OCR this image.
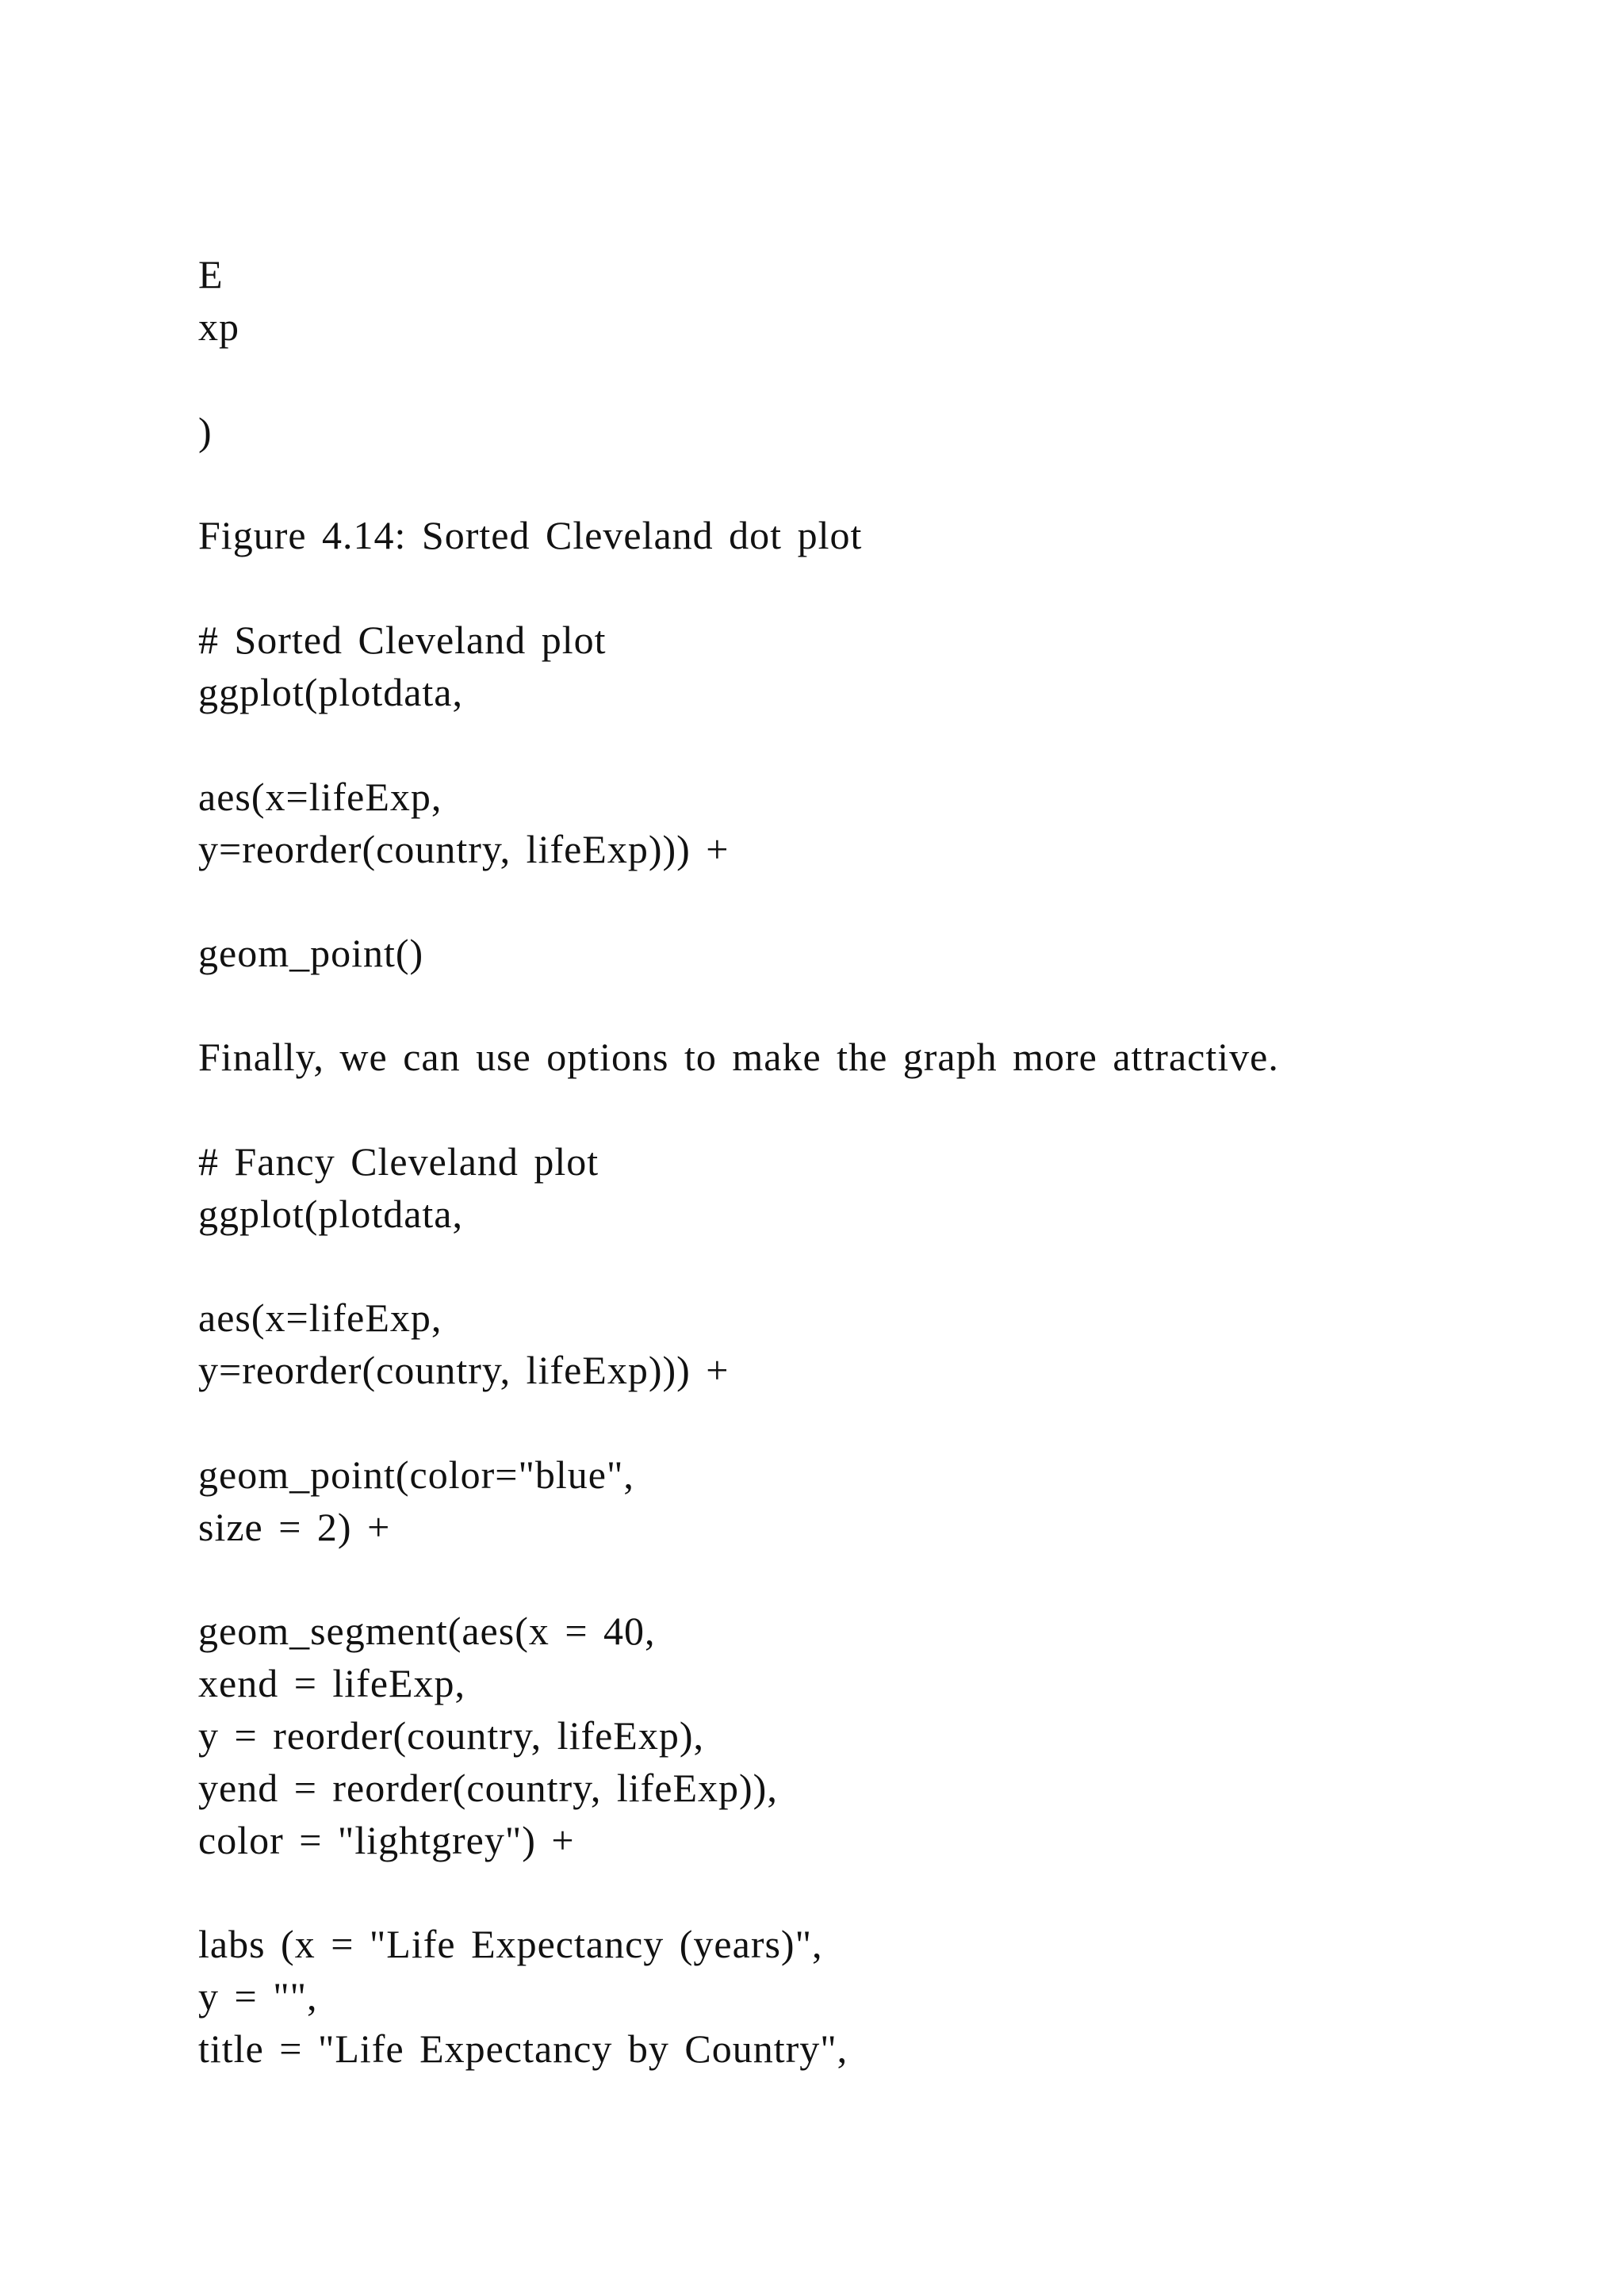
E
xp
)
Figure 4.14: Sorted Cleveland dot plot
# Sorted Cleveland plot
ggplot(plotdata,
aes(x=lifeExp,
y=reorder(country, lifeExp))) +
geom_point()
Finally, we can use options to make the graph more attractive.
# Fancy Cleveland plot
ggplot(plotdata,
aes(x=lifeExp,
y=reorder(country, lifeExp))) +
geom_point(color="blue",
size = 2) +
geom_segment(aes(x = 40,
xend = lifeExp,
y = reorder(country, lifeExp),
yend = reorder(country, lifeExp)),
color = "lightgrey") +
labs (x = "Life Expectancy (years)",
y = "",
title = "Life Expectancy by Country",
